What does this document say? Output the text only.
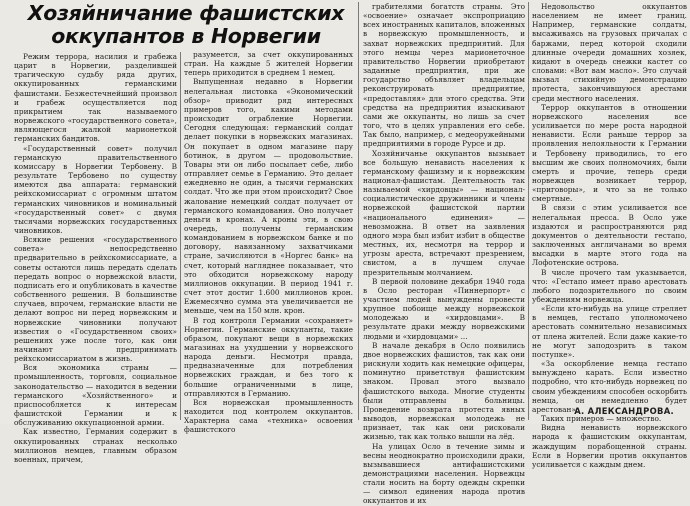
Хозяйничание фашистских
оккупантов в Норвегии

Режим террора, насилия и грабежа царит в Норвегии, разделившей трагическую судьбу ряда других, оккупированных германскими фашистами. Безжестечнейший произвол и грабеж осуществляется под прикрытием так называемого норвежского «государственного совета», являющегося жалкой марионеткой германских бандитов.

«Государственный совет» получил германскую правительственного комиссару в Норвегии Тербовену. В результате Тербовено по существу имеются два аппарата: германский рейхскомиссариат с огромным штатом германских чиновников и номинальный «государственный совет» с двумя тысячами норвежских государственных чиновников.

Всякие решения «государственного совета» непосредственно предварительно в рейхскомиссариате, а советы остаются лишь передать сделать передать вопрос о норвежской власти, подписать его и опубликовать в качестве собственного решения. В большинстве случаев, впрочем, германские власти не делают вопрос ни перед норвежским и норвежские чиновники получают известия о «Государственном своих» решениях уже после того, как они начинают предпринимать рейхскомиссариатом в жизнь.

Вся экономика страны — промышленность, торговля, социальное законодательство — находится в ведении германского «Хозяйственного» и приспособляется к интересам фашистской Германии и к обслуживанию оккупационной армии.

Как известно, Германия содержит в оккупированных странах несколько миллионов немцев, главным образом военных, причем,

разумеется, за счет оккупированных стран. На каждые 5 жителей Норвегии теперь приходится в среднем 1 немец.

Выпущенная недавно в Норвегии нелегальная листовка «Экономический обзор» приводит ряд интересных примеров того, какими методами происходит ограбление Норвегии. Сегодня следующая: германский солдат делает покупки в норвежских магазинах. Он покупает в одном магазине пару ботинок, в другом — продовольствие. Товары эти он либо посылает себе, либо отправляет семье в Германию. Это делает ежедневно не один, а тысячи германских солдат. Что же при этом происходит? Свое жалование немецкий солдат получает от германского командования. Оно получает деньги в кронах. А кроны эти, в свою очередь, получены германским командованием в норвежском банке и по договору, навязанному захватчиками стране, зачисляются в «Норгес банк» на счет, который нагляднее показывает, что это обходится норвежскому народу миллионов оккупации. В период 1941 г. счет этот достиг 1.600 миллионов крон. Ежемесячно сумма эта увеличивается не меньше, чем на 150 млн. крон.

В год контроля Германии «сохраняет» Норвегии. Германские оккупанты, такие образом, покупают вещи в норвежских магазинах на ухудшении у норвежского народа деньги. Несмотря правда, предназначенные для потребления норвежских граждан, и без того к большие ограниченными в лице, отправляются в Германию.

Вся норвежская промышленность находится под контролем оккупантов. Характерна сама «техника» освоения фашистского

грабителями богатств страны. Это «освоение» означает экспроприацию всех иностранных капиталов, вложенных в норвежскую промышленность, и захват норвежских предприятий. Для этого немцы через марионеточное правительство Норвегии приобретают заданные предприятия, при же государство объявляет владельцам реконструировать предприятие, «предоставляя» для этого средства. Эти средства на предприятия изыскивают сами же оккупанты, но лишь за счет того, что в целях управления его себе. Так было, например, с медеоружейными предприятиями в городе Рурсе и др.

Хозяйничанье оккупантов вызывает все большую ненависть населения к германскому фашизму и к норвежским национал-фашистам. Деятельность так называемой «хирдовцы» — национал-социалистическое дружинники и члены норвежской фашистской партии «национального единения» — невозможна. В ответ на заявления одного мэра был избит избит в обществе местных, их, несмотря на террор и угрозы ареста, встречают презрением, свистом, а в лучшем случае презрительным молчанием.

В первой половине декабря 1940 года в Осло ресторан «Пиннерпорт» с участием людей вынуждены провести крупное побоище между норвежской молодежью и «хирдовцами». В результате драки между норвежскими людьми и «хирдовцами» ...

В начале декабря в Осло появились двое норвежских фашистов, так как они рискнули ходить как немецкие офицеры, поминутно приветствуя фашистским знаком. Провал этого вызвало фашистского выхода. Многие студенты были отправлены в больницы. Проведение возврата протеста явных выводов, норвежская молодежь не признает, так как они рисковали жизнью, так как только вышли на лёд.

На улицах Осло в течение зимы и весны неоднократно происходили драки, вызывавшиеся антифашистскими демонстрациями населения. Норвежцы стали носить на борту одежды скрепки — символ единения народа против оккупантов и их

Недовольство оккупантов населением не имеет границ. Например, германские солдаты, высаживаясь на грузовых причалах с баржами, перед которой сходили длинные очереди домашних хозяек, кидают в очередь снежки кастет со словами: «Вот вам масло». Это случай вызвал стихийную демонстрацию протеста, закончившуюся арестами среди местного населения.

Террор оккупантов в отношении норвежского населения все усиливается по мере роста народной ненависти. Если раньше террор за проявления нелояльности к Германии и Тербовену приводились, то его высшим же своих полномочиях, были смерть и прочие, теперь среди норвежцев возникает террор, «приговоры», и что за не только смертные.

В связи с этим усиливается все нелегальная пресса. В Осло уже издаются и распространяются ряд документов о деятельности гестапо, заключенных англичанами во время высадки в марте этого года на Лофотенские острова.

В числе прочего там указывается, что: «Гестапо имеет право арестовать любого подозрительного по своим убеждениям норвежца.

«Если кто-нибудь на улице стреляет в немцев, гестапо уполномочено арестовать сомнительно независимых от плена жителей. Если даже какие-то не могут заподозрить в таком поступке».

«За оскорбление немца гестапо вынуждено карать. Если известно подробно, что кто-нибудь норвежец по своим убеждениям способен оскорбить немца, он немедленно будет арестован».

Таких примеров — множество.

Видна ненависть норвежского народа к фашистским оккупантам, жаждущим порабощенной страны. Если в Норвегии против оккупантов усиливается с каждым днем.

А. АЛЕКСАНДРОВА.
